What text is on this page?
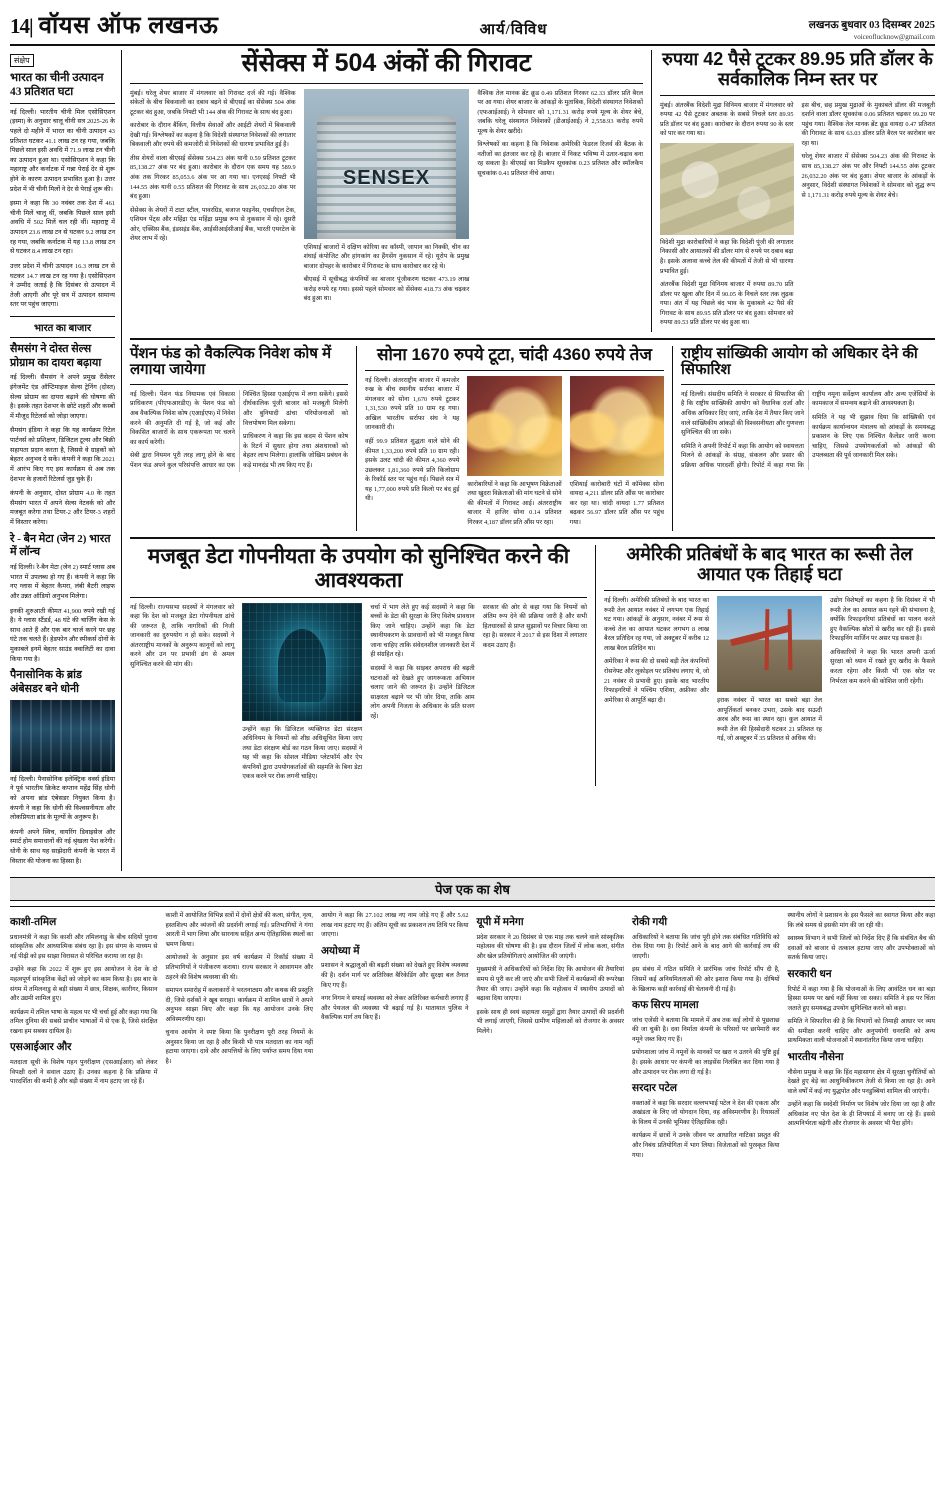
14| वॉयस ऑफ लखनऊ	आर्य/विविध	लखनऊ बुधवार 03 दिसम्बर 2025
voiceoflucknow@gmail.com
संक्षेप
भारत का चीनी उत्पादन 43 प्रतिशत घटा

नई दिल्ली। भारतीय चीनी मिल एसोसिएशन (इस्मा) के अनुसार चालू चीनी सत्र 2025-26 के पहले दो महीने में भारत का चीनी उत्पादन 43 प्रतिशत घटकर 41.1 लाख टन रह गया, जबकि पिछले साल इसी अवधि में 71.9 लाख टन चीनी का उत्पादन हुआ था। एसोसिएशन ने कहा कि महाराष्ट्र और कर्नाटक में गन्ना पेराई देर से शुरू होने के कारण उत्पादन प्रभावित हुआ है। उत्तर प्रदेश में भी चीनी मिलों ने देर से पेराई शुरू की।

इस्मा ने कहा कि 30 नवंबर तक देश में 461 चीनी मिलें चालू थीं, जबकि पिछले साल इसी अवधि में 502 मिलें चल रही थीं। महाराष्ट्र में उत्पादन 23.6 लाख टन से घटकर 9.2 लाख टन रह गया, जबकि कर्नाटक में यह 13.8 लाख टन से घटकर 8.4 लाख टन रहा।

उत्तर प्रदेश में चीनी उत्पादन 16.3 लाख टन से घटकर 14.7 लाख टन रह गया है। एसोसिएशन ने उम्मीद जताई है कि दिसंबर से उत्पादन में तेजी आएगी और पूरे सत्र में उत्पादन सामान्य स्तर पर पहुंच जाएगा।

भारत का बाजार
सैमसंग ने दोस्त सेल्स प्रोग्राम का दायरा बढ़ाया

नई दिल्ली। सैमसंग ने अपने प्रमुख रीसेलर इंगेजमेंट एंड ऑप्टिमाइज सेल्स ट्रेनिंग (दोस्त) सेल्स प्रोग्राम का दायरा बढ़ाने की घोषणा की है। इसके तहत देशभर के छोटे शहरों और कस्बों में मौजूद रिटेलर्स को जोड़ा जाएगा।

सैमसंग इंडिया ने कहा कि यह कार्यक्रम रिटेल पार्टनर्स को प्रशिक्षण, डिजिटल टूल्स और बिक्री सहायता प्रदान करता है, जिससे वे ग्राहकों को बेहतर अनुभव दे सकें। कंपनी ने कहा कि 2021 में आरंभ किए गए इस कार्यक्रम से अब तक देशभर के हजारों रिटेलर्स जुड़ चुके हैं।

कंपनी के अनुसार, दोस्त प्रोग्राम 4.0 के तहत सैमसंग भारत में अपने सेल्स नेटवर्क को और मजबूत करेगा तथा टियर-2 और टियर-3 शहरों में विस्तार करेगा।

रे - बैन मेटा (जेन 2) भारत में लॉन्च

नई दिल्ली। रे-बैन मेटा (जेन 2) स्मार्ट ग्लास अब भारत में उपलब्ध हो गए हैं। कंपनी ने कहा कि नए ग्लास में बेहतर कैमरा, लंबी बैटरी लाइफ और उन्नत ऑडियो अनुभव मिलेगा।

इनकी शुरुआती कीमत 41,900 रुपये रखी गई है। ये ग्लास स्टैंडर्ड, 48 घंटे की चार्जिंग केस के साथ आते हैं और एक बार चार्ज करने पर छह घंटे तक चलते हैं। हेडफोन और स्पीकर्स दोनों के मुकाबले इनमें बेहतर साउंड क्वालिटी का दावा किया गया है।

पैनासोनिक के ब्रांड अंबेसडर बने धोनी

नई दिल्ली। पैनासोनिक इलेक्ट्रिक वर्क्स इंडिया ने पूर्व भारतीय क्रिकेट कप्तान महेंद्र सिंह धोनी को अपना ब्रांड एंबेसडर नियुक्त किया है। कंपनी ने कहा कि धोनी की विश्वसनीयता और लोकप्रियता ब्रांड के मूल्यों के अनुरूप है।

कंपनी अपने स्विच, वायरिंग डिवाइसेज और स्मार्ट होम समाधानों की नई श्रृंखला पेश करेगी। धोनी के साथ यह साझेदारी कंपनी के भारत में विस्तार की योजना का हिस्सा है।

सेंसेक्स में 504 अंकों की गिरावट

मुंबई। घरेलू शेयर बाजार में मंगलवार को गिरावट दर्ज की गई। वैश्विक संकेतों के बीच बिकवाली का दबाव बढ़ने से बीएसई का सेंसेक्स 504 अंक टूटकर बंद हुआ, जबकि निफ्टी भी 144 अंक की गिरावट के साथ बंद हुआ।

कारोबार के दौरान बैंकिंग, वित्तीय सेवाओं और आईटी शेयरों में बिकवाली देखी गई। विश्लेषकों का कहना है कि विदेशी संस्थागत निवेशकों की लगातार बिकवाली और रुपये की कमजोरी से निवेशकों की धारणा प्रभावित हुई है।

तीस शेयरों वाला बीएसई सेंसेक्स 504.23 अंक यानी 0.59 प्रतिशत टूटकर 85,138.27 अंक पर बंद हुआ। कारोबार के दौरान एक समय यह 589.9 अंक तक गिरकर 85,053.6 अंक पर आ गया था। एनएसई निफ्टी भी 144.55 अंक यानी 0.55 प्रतिशत की गिरावट के साथ 26,032.20 अंक पर बंद हुआ।

सेंसेक्स के शेयरों में टाटा स्टील, पावरग्रिड, बजाज फाइनेंस, एचसीएल टेक, एशियन पेंट्स और महिंद्रा एंड महिंद्रा प्रमुख रूप से नुकसान में रहे। दूसरी ओर, एक्सिस बैंक, इंडसइंड बैंक, आईसीआईसीआई बैंक, भारती एयरटेल के शेयर लाभ में रहे।

SENSEX

एशियाई बाजारों में दक्षिण कोरिया का कॉस्पी, जापान का निक्की, चीन का शंघाई कंपोजिट और हांगकांग का हैंगसेंग नुकसान में रहे। यूरोप के प्रमुख बाजार दोपहर के कारोबार में गिरावट के साथ कारोबार कर रहे थे।

बीएसई में सूचीबद्ध कंपनियों का बाजार पूंजीकरण घटकर 473.19 लाख करोड़ रुपये रह गया। इससे पहले सोमवार को सेंसेक्स 418.73 अंक चढ़कर बंद हुआ था।

वैश्विक तेल मानक ब्रेंट क्रूड 0.49 प्रतिशत गिरकर 62.33 डॉलर प्रति बैरल पर आ गया। शेयर बाजार के आंकड़ों के मुताबिक, विदेशी संस्थागत निवेशकों (एफआईआई) ने सोमवार को 1,171.31 करोड़ रुपये मूल्य के शेयर बेचे, जबकि घरेलू संस्थागत निवेशकों (डीआईआई) ने 2,558.93 करोड़ रुपये मूल्य के शेयर खरीदे।

विश्लेषकों का कहना है कि निवेशक अमेरिकी फेडरल रिजर्व की बैठक के नतीजों का इंतजार कर रहे हैं। बाजार में निकट भविष्य में उतार-चढ़ाव बना रह सकता है। बीएसई का मिडकैप सूचकांक 0.23 प्रतिशत और स्मॉलकैप सूचकांक 0.41 प्रतिशत नीचे आया।

रुपया 42 पैसे टूटकर 89.95 प्रति डॉलर के सर्वकालिक निम्न स्तर पर

मुंबई। अंतरबैंक विदेशी मुद्रा विनिमय बाजार में मंगलवार को रुपया 42 पैसे टूटकर अबतक के सबसे निचले स्तर 89.95 प्रति डॉलर पर बंद हुआ। कारोबार के दौरान रुपया 90 के स्तर को पार कर गया था।

विदेशी मुद्रा कारोबारियों ने कहा कि विदेशी पूंजी की लगातार निकासी और आयातकों की डॉलर मांग से रुपये पर दबाव बढ़ा है। इसके अलावा कच्चे तेल की कीमतों में तेजी से भी धारणा प्रभावित हुई।

अंतरबैंक विदेशी मुद्रा विनिमय बाजार में रुपया 89.70 प्रति डॉलर पर खुला और दिन में 90.05 के निचले स्तर तक लुढ़क गया। अंत में यह पिछले बंद भाव के मुकाबले 42 पैसे की गिरावट के साथ 89.95 प्रति डॉलर पर बंद हुआ। सोमवार को रुपया 89.53 प्रति डॉलर पर बंद हुआ था।

इस बीच, छह प्रमुख मुद्राओं के मुकाबले डॉलर की मजबूती दर्शाने वाला डॉलर सूचकांक 0.06 प्रतिशत चढ़कर 99.20 पर पहुंच गया। वैश्विक तेल मानक ब्रेंट क्रूड वायदा 0.47 प्रतिशत की गिरावट के साथ 63.03 डॉलर प्रति बैरल पर कारोबार कर रहा था।

घरेलू शेयर बाजार में सेंसेक्स 504.23 अंक की गिरावट के साथ 85,138.27 अंक पर और निफ्टी 144.55 अंक टूटकर 26,032.20 अंक पर बंद हुआ। शेयर बाजार के आंकड़ों के अनुसार, विदेशी संस्थागत निवेशकों ने सोमवार को शुद्ध रूप से 1,171.31 करोड़ रुपये मूल्य के शेयर बेचे।

पेंशन फंड को वैकल्पिक निवेश कोष में लगाया जायेगा

नई दिल्ली। पेंशन फंड नियामक एवं विकास प्राधिकरण (पीएफआरडीए) के पेंशन फंड को अब वैकल्पिक निवेश कोष (एआईएफ) में निवेश करने की अनुमति दी गई है, जो कई और विकसित बाजारों के साथ एकरूपता पर चलने का कार्य करेगी।

सेबी द्वारा नियमन पूरी तरह लागू होने के बाद पेंशन फंड अपने कुल परिसंपत्ति आधार का एक निश्चित हिस्सा एआईएफ में लगा सकेंगे। इससे दीर्घकालिक पूंजी बाजार को मजबूती मिलेगी और बुनियादी ढांचा परियोजनाओं को वित्तपोषण मिल सकेगा।

प्राधिकरण ने कहा कि इस कदम से पेंशन कोष के रिटर्न में सुधार होगा तथा अंशधारकों को बेहतर लाभ मिलेगा। हालांकि जोखिम प्रबंधन के कड़े मानदंड भी तय किए गए हैं।

सोना 1670 रुपये टूटा, चांदी 4360 रुपये तेज

नई दिल्ली। अंतरराष्ट्रीय बाजार में कमजोर रुख के बीच स्थानीय सर्राफा बाजार में मंगलवार को सोना 1,670 रुपये टूटकर 1,31,530 रुपये प्रति 10 ग्राम रह गया। अखिल भारतीय सर्राफा संघ ने यह जानकारी दी।

वहीं 99.9 प्रतिशत शुद्धता वाले सोने की कीमत 1,33,200 रुपये प्रति 10 ग्राम रही। इसके उलट चांदी की कीमत 4,360 रुपये उछलकर 1,81,360 रुपये प्रति किलोग्राम के रिकॉर्ड स्तर पर पहुंच गई। पिछले सत्र में यह 1,77,000 रुपये प्रति किलो पर बंद हुई थी।

कारोबारियों ने कहा कि आभूषण विक्रेताओं तथा खुदरा विक्रेताओं की मांग घटने से सोने की कीमतों में गिरावट आई। अंतरराष्ट्रीय बाजार में हाजिर सोना 0.14 प्रतिशत गिरकर 4,187 डॉलर प्रति औंस पर रहा।

एशियाई कारोबारी घंटों में कॉमेक्स सोना वायदा 4,211 डॉलर प्रति औंस पर कारोबार कर रहा था। चांदी वायदा 1.77 प्रतिशत बढ़कर 56.97 डॉलर प्रति औंस पर पहुंच गया।

राष्ट्रीय सांख्यिकी आयोग को अधिकार देने की सिफारिश

नई दिल्ली। संसदीय समिति ने सरकार से सिफारिश की है कि राष्ट्रीय सांख्यिकी आयोग को वैधानिक दर्जा और अधिक अधिकार दिए जाएं, ताकि देश में तैयार किए जाने वाले सांख्यिकीय आंकड़ों की विश्वसनीयता और गुणवत्ता सुनिश्चित की जा सके।

समिति ने अपनी रिपोर्ट में कहा कि आयोग को स्वायत्तता मिलने से आंकड़ों के संग्रह, संकलन और प्रसार की प्रक्रिया अधिक पारदर्शी होगी। रिपोर्ट में कहा गया कि राष्ट्रीय नमूना सर्वेक्षण कार्यालय और अन्य एजेंसियों के कामकाज में समन्वय बढ़ाने की आवश्यकता है।

समिति ने यह भी सुझाव दिया कि सांख्यिकी एवं कार्यक्रम कार्यान्वयन मंत्रालय को आंकड़ों के समयबद्ध प्रकाशन के लिए एक निश्चित कैलेंडर जारी करना चाहिए, जिससे उपयोगकर्ताओं को आंकड़ों की उपलब्धता की पूर्व जानकारी मिल सके।

मजबूत डेटा गोपनीयता के उपयोग को सुनिश्चित करने की आवश्यकता

नई दिल्ली। राज्यसभा सदस्यों ने मंगलवार को कहा कि देश को मजबूत डेटा गोपनीयता ढांचे की जरूरत है, ताकि नागरिकों की निजी जानकारी का दुरुपयोग न हो सके। सदस्यों ने अंतरराष्ट्रीय मानकों के अनुरूप कानूनों को लागू करने और उन पर प्रभावी ढंग से अमल सुनिश्चित करने की मांग की।

उन्होंने कहा कि डिजिटल व्यक्तिगत डेटा संरक्षण अधिनियम के नियमों को शीघ्र अधिसूचित किया जाए तथा डेटा संरक्षण बोर्ड का गठन किया जाए। सदस्यों ने यह भी कहा कि सोशल मीडिया प्लेटफॉर्म और ऐप कंपनियों द्वारा उपयोगकर्ताओं की सहमति के बिना डेटा एकत्र करने पर रोक लगनी चाहिए।

चर्चा में भाग लेते हुए कई सदस्यों ने कहा कि बच्चों के डेटा की सुरक्षा के लिए विशेष प्रावधान किए जाने चाहिए। उन्होंने कहा कि डेटा स्थानीयकरण के प्रावधानों को भी मजबूत किया जाना चाहिए ताकि संवेदनशील जानकारी देश में ही संग्रहित रहे।

सदस्यों ने कहा कि साइबर अपराध की बढ़ती घटनाओं को देखते हुए जागरूकता अभियान चलाए जाने की जरूरत है। उन्होंने डिजिटल साक्षरता बढ़ाने पर भी जोर दिया, ताकि आम लोग अपनी निजता के अधिकार के प्रति सजग रहें।

सरकार की ओर से कहा गया कि नियमों को अंतिम रूप देने की प्रक्रिया जारी है और सभी हितधारकों से प्राप्त सुझावों पर विचार किया जा रहा है। सरकार ने 2017 से इस दिशा में लगातार कदम उठाए हैं।

अमेरिकी प्रतिबंधों के बाद भारत का रूसी तेल आयात एक तिहाई घटा

नई दिल्ली। अमेरिकी प्रतिबंधों के बाद भारत का रूसी तेल आयात नवंबर में लगभग एक तिहाई घट गया। आंकड़ों के अनुसार, नवंबर में रूस से कच्चे तेल का आयात घटकर लगभग 8 लाख बैरल प्रतिदिन रह गया, जो अक्टूबर में करीब 12 लाख बैरल प्रतिदिन था।

अमेरिका ने रूस की दो सबसे बड़ी तेल कंपनियों रोसनेफ्ट और लुकोइल पर प्रतिबंध लगाए थे, जो 21 नवंबर से प्रभावी हुए। इसके बाद भारतीय रिफाइनरियों ने पश्चिम एशिया, अफ्रीका और अमेरिका से आपूर्ति बढ़ा दी।	इराक नवंबर में भारत का सबसे बड़ा तेल आपूर्तिकर्ता बनकर उभरा, उसके बाद सऊदी अरब और रूस का स्थान रहा। कुल आयात में रूसी तेल की हिस्सेदारी घटकर 21 प्रतिशत रह गई, जो अक्टूबर में 35 प्रतिशत से अधिक थी।

उद्योग विशेषज्ञों का कहना है कि दिसंबर में भी रूसी तेल का आयात कम रहने की संभावना है, क्योंकि रिफाइनरियां प्रतिबंधों का पालन करते हुए वैकल्पिक स्रोतों से खरीद कर रही हैं। इससे रिफाइनिंग मार्जिन पर असर पड़ सकता है।

अधिकारियों ने कहा कि भारत अपनी ऊर्जा सुरक्षा को ध्यान में रखते हुए खरीद के फैसले करता रहेगा और किसी भी एक स्रोत पर निर्भरता कम करने की कोशिश जारी रहेगी।

पेज एक का शेष
काशी-तमिल

प्रधानमंत्री ने कहा कि काशी और तमिलनाडु के बीच सदियों पुराना सांस्कृतिक और आध्यात्मिक संबंध रहा है। इस संगम के माध्यम से नई पीढ़ी को इस साझा विरासत से परिचित कराया जा रहा है।

उन्होंने कहा कि 2022 में शुरू हुए इस आयोजन ने देश के दो महत्वपूर्ण सांस्कृतिक केंद्रों को जोड़ने का काम किया है। इस बार के संगम में तमिलनाडु से बड़ी संख्या में छात्र, शिक्षक, कारीगर, किसान और उद्यमी शामिल हुए।

कार्यक्रम में तमिल भाषा के महत्व पर भी चर्चा हुई और कहा गया कि तमिल दुनिया की सबसे प्राचीन भाषाओं में से एक है, जिसे संरक्षित रखना हम सबका दायित्व है।

एसआईआर और

मतदाता सूची के विशेष गहन पुनरीक्षण (एसआईआर) को लेकर विपक्षी दलों ने सवाल उठाए हैं। उनका कहना है कि प्रक्रिया में पारदर्शिता की कमी है और बड़ी संख्या में नाम हटाए जा रहे हैं।

काशी में आयोजित विभिन्न सत्रों में दोनों क्षेत्रों की कला, संगीत, नृत्य, हस्तशिल्प और व्यंजनों की प्रदर्शनी लगाई गई। प्रतिभागियों ने गंगा आरती में भाग लिया और सारनाथ सहित अन्य ऐतिहासिक स्थलों का भ्रमण किया।

आयोजकों के अनुसार इस वर्ष कार्यक्रम में रिकॉर्ड संख्या में प्रतिभागियों ने पंजीकरण कराया। राज्य सरकार ने आवागमन और ठहरने की विशेष व्यवस्था की थी।

समापन समारोह में कलाकारों ने भरतनाट्यम और कथक की प्रस्तुति दी, जिसे दर्शकों ने खूब सराहा। कार्यक्रम में शामिल छात्रों ने अपने अनुभव साझा किए और कहा कि यह आयोजन उनके लिए अविस्मरणीय रहा।

चुनाव आयोग ने स्पष्ट किया कि पुनरीक्षण पूरी तरह नियमों के अनुसार किया जा रहा है और किसी भी पात्र मतदाता का नाम नहीं हटाया जाएगा। दावे और आपत्तियों के लिए पर्याप्त समय दिया गया है।

आयोग ने कहा कि 27.102 लाख नए नाम जोड़े गए हैं और 5.62 लाख नाम हटाए गए हैं। अंतिम सूची का प्रकाशन तय तिथि पर किया जाएगा।

अयोध्या में

प्रशासन ने श्रद्धालुओं की बढ़ती संख्या को देखते हुए विशेष व्यवस्था की है। दर्शन मार्ग पर अतिरिक्त बैरिकेडिंग और सुरक्षा बल तैनात किए गए हैं।

नगर निगम ने सफाई व्यवस्था को लेकर अतिरिक्त कर्मचारी लगाए हैं और पेयजल की व्यवस्था भी बढ़ाई गई है। यातायात पुलिस ने वैकल्पिक मार्ग तय किए हैं।

यूपी में मनेगा

प्रदेश सरकार ने 20 दिसंबर से एक माह तक चलने वाले सांस्कृतिक महोत्सव की घोषणा की है। इस दौरान जिलों में लोक कला, संगीत और खेल प्रतियोगिताएं आयोजित की जाएंगी।

मुख्यमंत्री ने अधिकारियों को निर्देश दिए कि आयोजन की तैयारियां समय से पूरी कर ली जाएं और सभी जिलों में कार्यक्रमों की रूपरेखा तैयार की जाए। उन्होंने कहा कि महोत्सव में स्थानीय उत्पादों को बढ़ावा दिया जाएगा।

इसके साथ ही स्वयं सहायता समूहों द्वारा तैयार उत्पादों की प्रदर्शनी भी लगाई जाएगी, जिससे ग्रामीण महिलाओं को रोजगार के अवसर मिलेंगे।

रोकी गयी

अधिकारियों ने बताया कि जांच पूरी होने तक संबंधित गतिविधि को रोक दिया गया है। रिपोर्ट आने के बाद आगे की कार्रवाई तय की जाएगी।

इस संबंध में गठित समिति ने प्रारंभिक जांच रिपोर्ट सौंप दी है, जिसमें कई अनियमितताओं की ओर इशारा किया गया है। दोषियों के खिलाफ कड़ी कार्रवाई की चेतावनी दी गई है।

कफ सिरप मामला

जांच एजेंसी ने बताया कि मामले में अब तक कई लोगों से पूछताछ की जा चुकी है। दवा निर्माता कंपनी के परिसरों पर छापेमारी कर नमूने जब्त किए गए हैं।

प्रयोगशाला जांच में नमूनों के मानकों पर खरा न उतरने की पुष्टि हुई है। इसके आधार पर कंपनी का लाइसेंस निलंबित कर दिया गया है और उत्पादन पर रोक लगा दी गई है।

सरदार पटेल

वक्ताओं ने कहा कि सरदार वल्लभभाई पटेल ने देश की एकता और अखंडता के लिए जो योगदान दिया, वह अविस्मरणीय है। रियासतों के विलय में उनकी भूमिका ऐतिहासिक रही।

कार्यक्रम में छात्रों ने उनके जीवन पर आधारित नाटिका प्रस्तुत की और निबंध प्रतियोगिता में भाग लिया। विजेताओं को पुरस्कृत किया गया।

स्थानीय लोगों ने प्रशासन के इस फैसले का स्वागत किया और कहा कि लंबे समय से इसकी मांग की जा रही थी।

स्वास्थ्य विभाग ने सभी जिलों को निर्देश दिए हैं कि संबंधित बैच की दवाओं को बाजार से तत्काल हटाया जाए और उपभोक्ताओं को सतर्क किया जाए।

सरकारी धन

रिपोर्ट में कहा गया है कि योजनाओं के लिए आवंटित धन का बड़ा हिस्सा समय पर खर्च नहीं किया जा सका। समिति ने इस पर चिंता जताते हुए समयबद्ध उपयोग सुनिश्चित करने को कहा।

समिति ने सिफारिश की है कि विभागों को तिमाही आधार पर व्यय की समीक्षा करनी चाहिए और अनुपयोगी धनराशि को अन्य प्राथमिकता वाली योजनाओं में स्थानांतरित किया जाना चाहिए।

भारतीय नौसेना

नौसेना प्रमुख ने कहा कि हिंद महासागर क्षेत्र में सुरक्षा चुनौतियों को देखते हुए बेड़े का आधुनिकीकरण तेजी से किया जा रहा है। आने वाले वर्षों में कई नए युद्धपोत और पनडुब्बियां शामिल की जाएंगी।

उन्होंने कहा कि स्वदेशी निर्माण पर विशेष जोर दिया जा रहा है और अधिकांश नए पोत देश के ही शिपयार्ड में बनाए जा रहे हैं। इससे आत्मनिर्भरता बढ़ेगी और रोजगार के अवसर भी पैदा होंगे।
